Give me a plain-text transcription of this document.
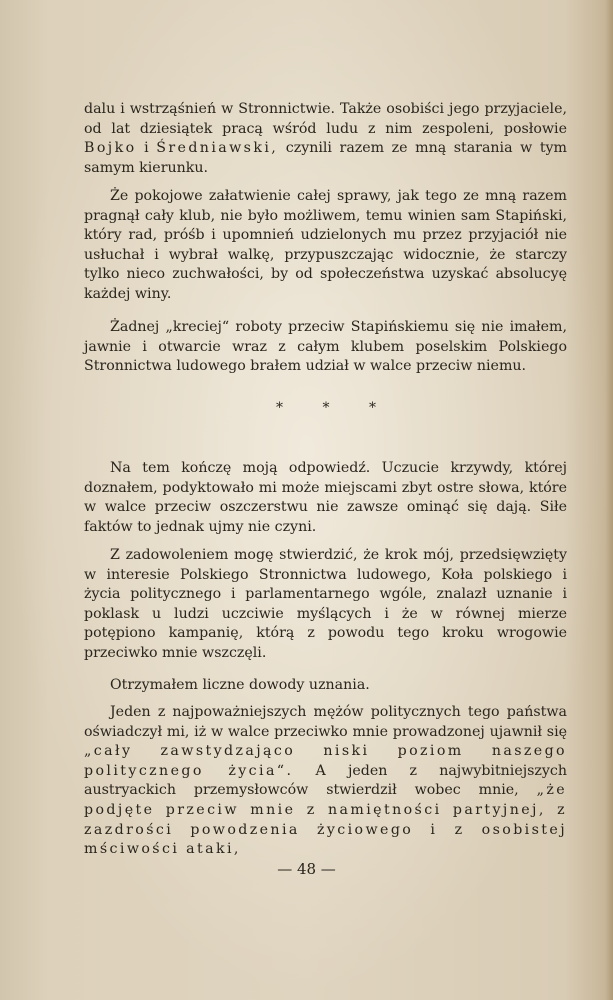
dalu i wstrząśnień w Stronnictwie. Także osobiści jego przyjaciele, od lat dziesiątek pracą wśród ludu z nim zespoleni, posłowie Bojko i Średniawski, czynili razem ze mną starania w tym samym kierunku.

Że pokojowe załatwienie całej sprawy, jak tego ze mną razem pragnął cały klub, nie było możliwem, temu winien sam Stapiński, który rad, próśb i upomnień udzielonych mu przez przyjaciół nie usłuchał i wybrał walkę, przypuszczając widocznie, że starczy tylko nieco zuchwałości, by od społeczeństwa uzyskać absolucyę każdej winy.

Żadnej „kreciej“ roboty przeciw Stapińskiemu się nie imałem, jawnie i otwarcie wraz z całym klubem poselskim Polskiego Stronnictwa ludowego brałem udział w walce przeciw niemu.

*	*	*

Na tem kończę moją odpowiedź. Uczucie krzywdy, której doznałem, podyktowało mi może miejscami zbyt ostre słowa, które w walce przeciw oszczerstwu nie zawsze ominąć się dają. Siłe faktów to jednak ujmy nie czyni.

Z zadowoleniem mogę stwierdzić, że krok mój, przedsięwzięty w interesie Polskiego Stronnictwa ludowego, Koła polskiego i życia politycznego i parlamentarnego wgóle, znalazł uznanie i poklask u ludzi uczciwie myślących i że w równej mierze potępiono kampanię, którą z powodu tego kroku wrogowie przeciwko mnie wszczęli.

Otrzymałem liczne dowody uznania.

Jeden z najpoważniejszych mężów politycznych tego państwa oświadczył mi, iż w walce przeciwko mnie prowadzonej ujawnił się „cały zawstydzająco niski poziom naszego politycznego życia“. A jeden z najwybitniejszych austryackich przemysłowców stwierdził wobec mnie, „że podjęte przeciw mnie z namiętności partyjnej, z zazdrości powodzenia życiowego i z osobistej mściwości ataki,

— 48 —
